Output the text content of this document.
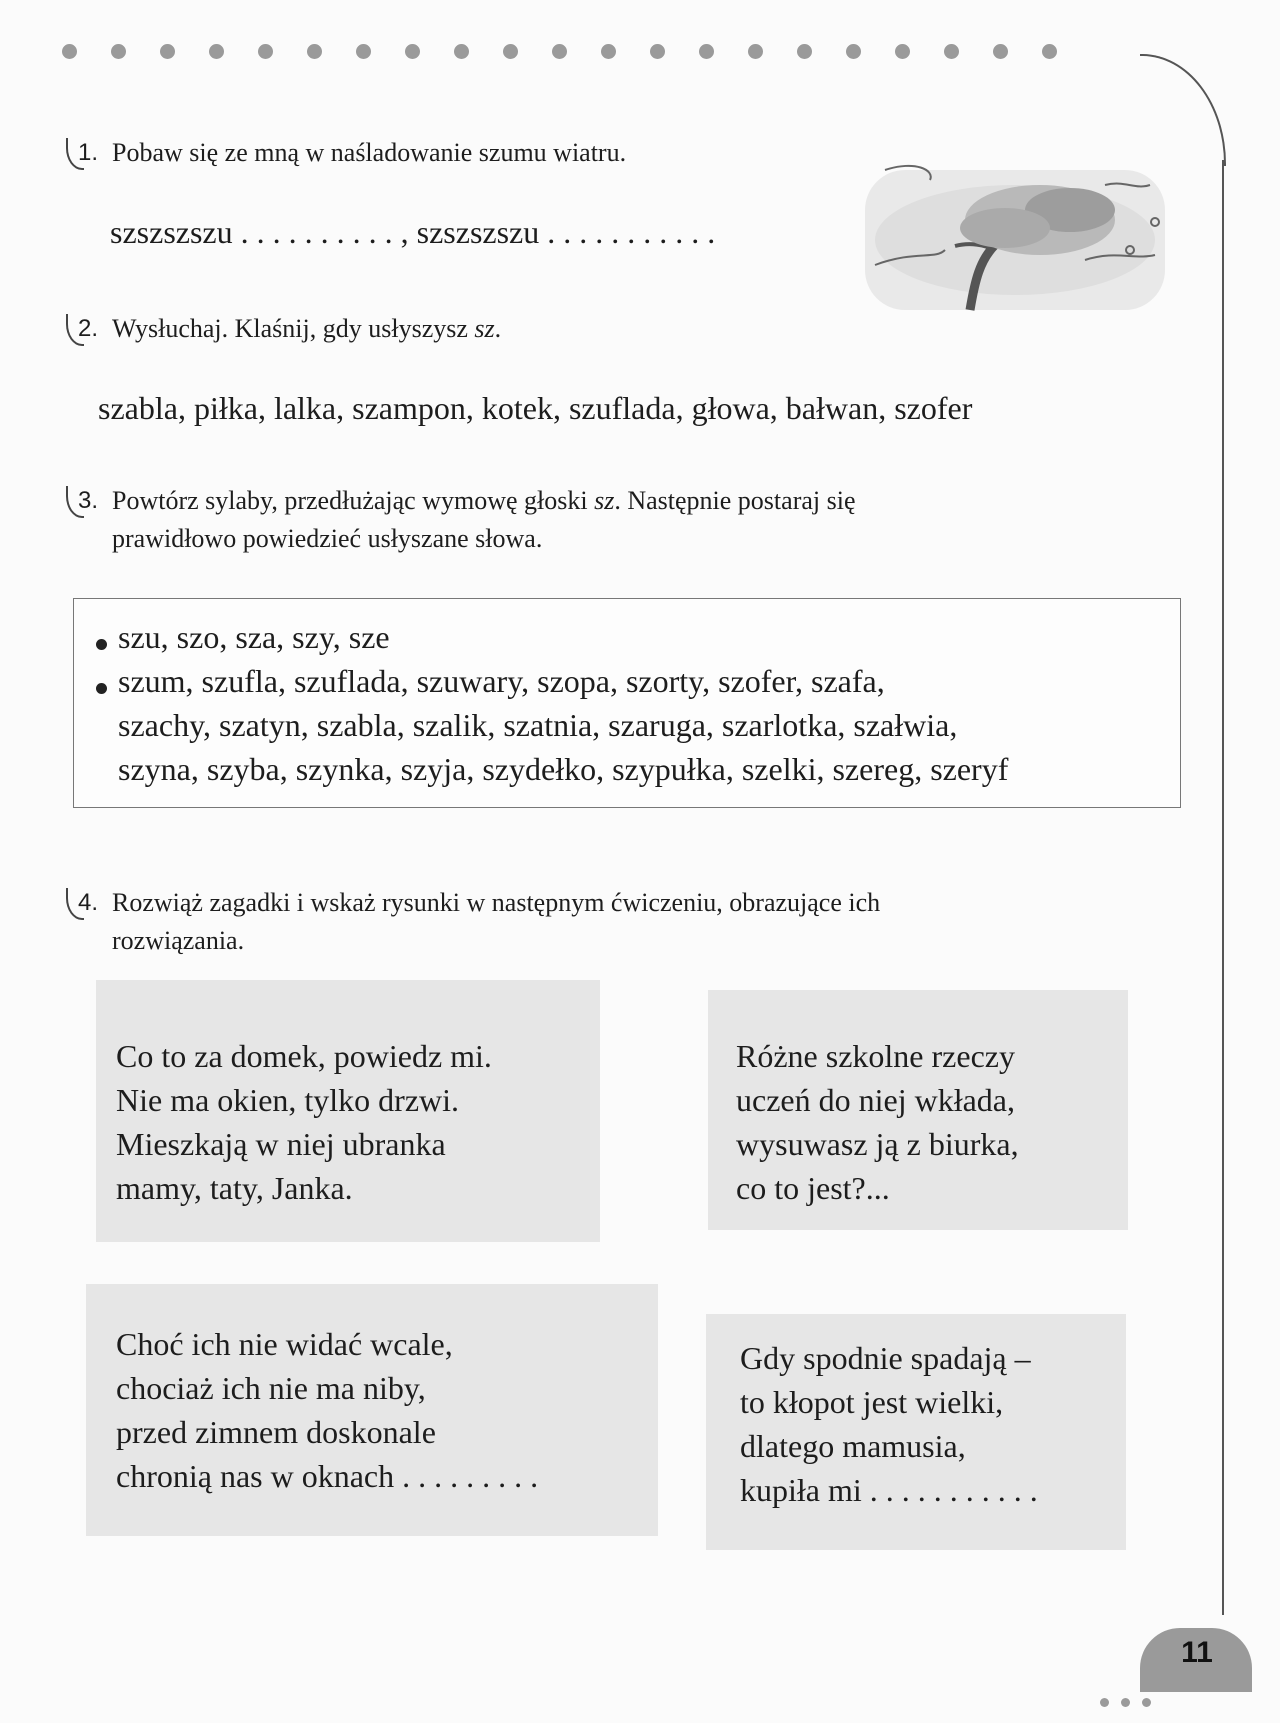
1. Pobaw się ze mną w naśladowanie szumu wiatru.
szszszszu . . . . . . . . . . , szszszszu . . . . . . . . . . .
2. Wysłuchaj. Klaśnij, gdy usłyszysz sz.
szabla, piłka, lalka, szampon, kotek, szuflada, głowa, bałwan, szofer
3. Powtórz sylaby, przedłużając wymowę głoski sz. Następnie postaraj się
prawidłowo powiedzieć usłyszane słowa.
szu, szo, sza, szy, sze
szum, szufla, szuflada, szuwary, szopa, szorty, szofer, szafa,
szachy, szatyn, szabla, szalik, szatnia, szaruga, szarlotka, szałwia,
szyna, szyba, szynka, szyja, szydełko, szypułka, szelki, szereg, szeryf
4. Rozwiąż zagadki i wskaż rysunki w następnym ćwiczeniu, obrazujące ich
rozwiązania.
Co to za domek, powiedz mi.
Nie ma okien, tylko drzwi.
Mieszkają w niej ubranka
mamy, taty, Janka.
Różne szkolne rzeczy
uczeń do niej wkłada,
wysuwasz ją z biurka,
co to jest?...
Choć ich nie widać wcale,
chociaż ich nie ma niby,
przed zimnem doskonale
chronią nas w oknach . . . . . . . . .
Gdy spodnie spadają –
to kłopot jest wielki,
dlatego mamusia,
kupiła mi . . . . . . . . . . .
11
